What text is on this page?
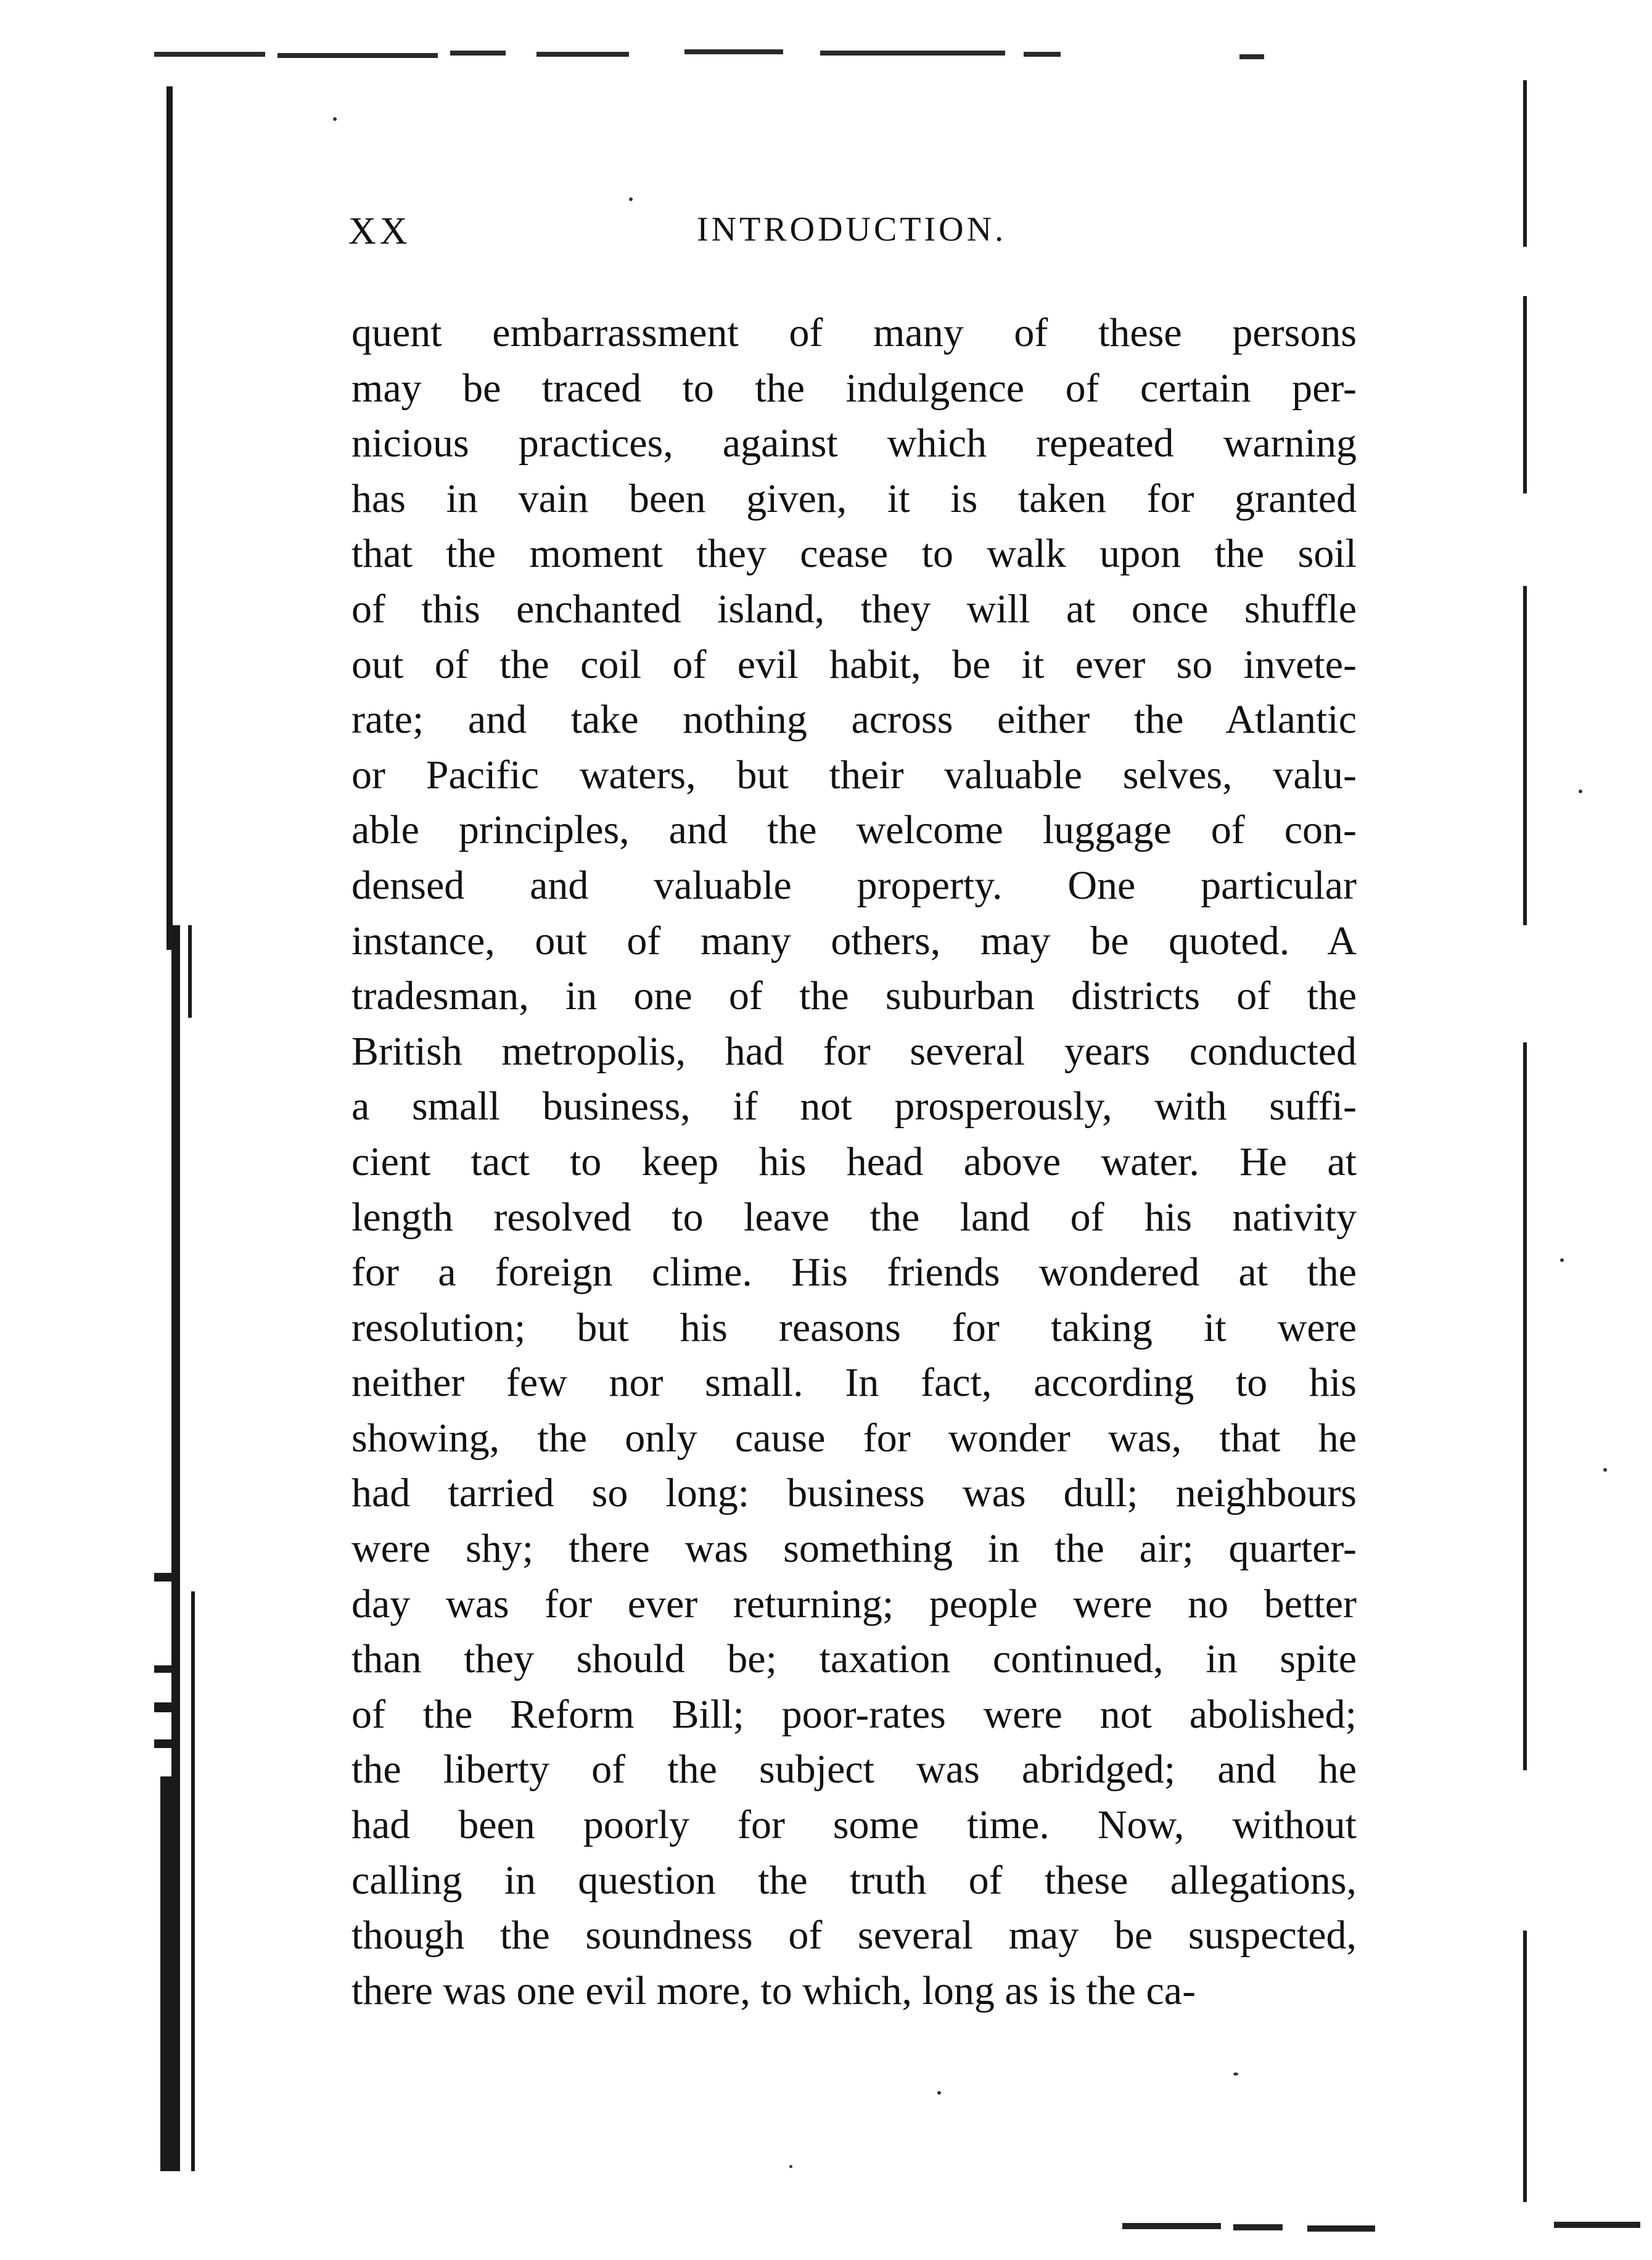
XX	INTRODUCTION.
quent embarrassment of many of these persons
may be traced to the indulgence of certain per-
nicious practices, against which repeated warning
has in vain been given, it is taken for granted
that the moment they cease to walk upon the soil
of this enchanted island, they will at once shuffle
out of the coil of evil habit, be it ever so invete-
rate; and take nothing across either the Atlantic
or Pacific waters, but their valuable selves, valu-
able principles, and the welcome luggage of con-
densed and valuable property. One particular
instance, out of many others, may be quoted. A
tradesman, in one of the suburban districts of the
British metropolis, had for several years conducted
a small business, if not prosperously, with suffi-
cient tact to keep his head above water. He at
length resolved to leave the land of his nativity
for a foreign clime. His friends wondered at the
resolution; but his reasons for taking it were
neither few nor small. In fact, according to his
showing, the only cause for wonder was, that he
had tarried so long: business was dull; neighbours
were shy; there was something in the air; quarter-
day was for ever returning; people were no better
than they should be; taxation continued, in spite
of the Reform Bill; poor-rates were not abolished;
the liberty of the subject was abridged; and he
had been poorly for some time. Now, without
calling in question the truth of these allegations,
though the soundness of several may be suspected,
there was one evil more, to which, long as is the ca-
